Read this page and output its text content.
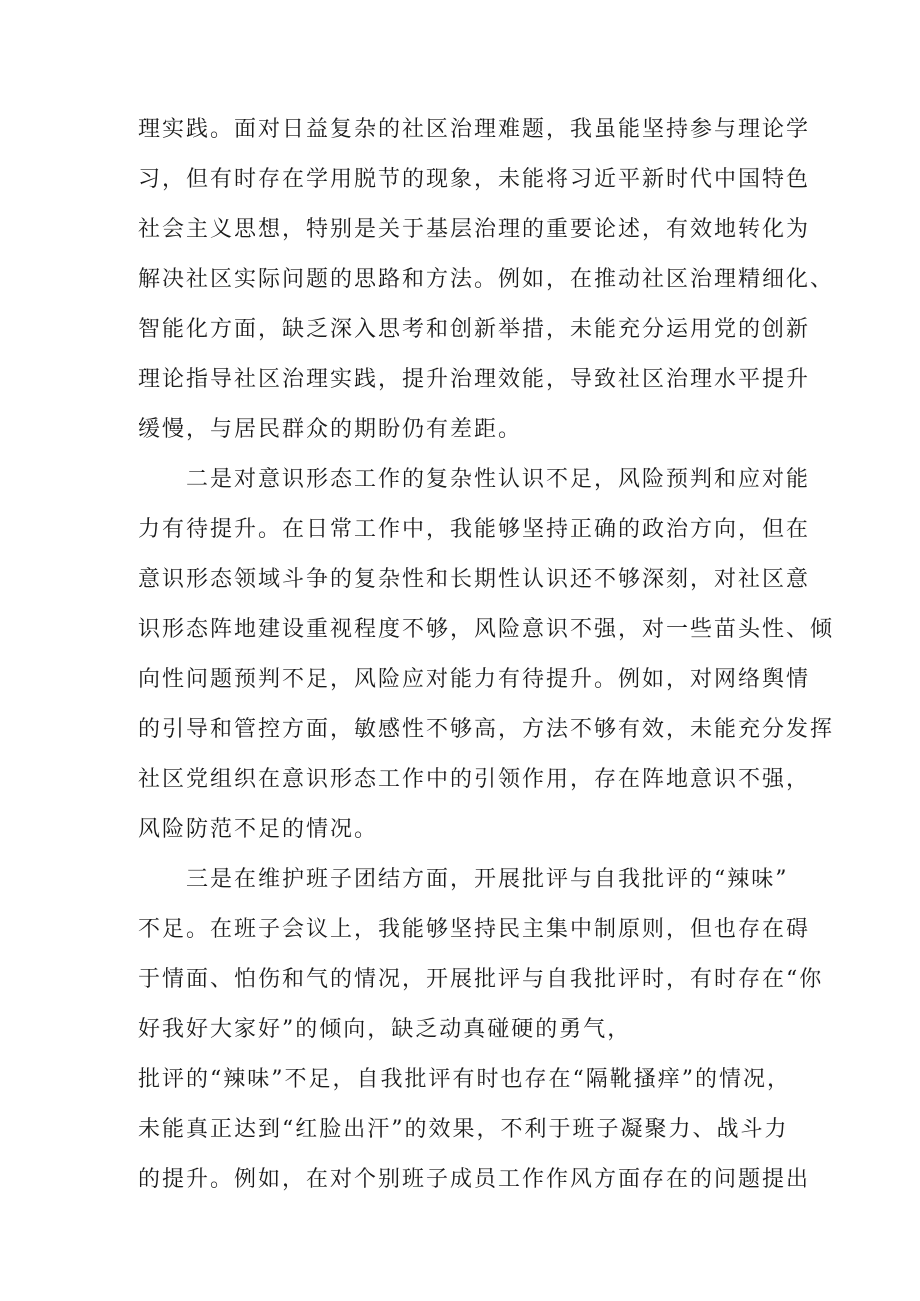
理实践。面对日益复杂的社区治理难题，我虽能坚持参与理论学
习，但有时存在学用脱节的现象，未能将习近平新时代中国特色
社会主义思想，特别是关于基层治理的重要论述，有效地转化为
解决社区实际问题的思路和方法。例如，在推动社区治理精细化、
智能化方面，缺乏深入思考和创新举措，未能充分运用党的创新
理论指导社区治理实践，提升治理效能，导致社区治理水平提升
缓慢，与居民群众的期盼仍有差距。
二是对意识形态工作的复杂性认识不足，风险预判和应对能
力有待提升。在日常工作中，我能够坚持正确的政治方向，但在
意识形态领域斗争的复杂性和长期性认识还不够深刻，对社区意
识形态阵地建设重视程度不够，风险意识不强，对一些苗头性、倾
向性问题预判不足，风险应对能力有待提升。例如，对网络舆情
的引导和管控方面，敏感性不够高，方法不够有效，未能充分发挥
社区党组织在意识形态工作中的引领作用，存在阵地意识不强，
风险防范不足的情况。
三是在维护班子团结方面，开展批评与自我批评的“辣味”
不足。在班子会议上，我能够坚持民主集中制原则，但也存在碍
于情面、怕伤和气的情况，开展批评与自我批评时，有时存在“你
好我好大家好”的倾向，缺乏动真碰硬的勇气，
批评的“辣味”不足，自我批评有时也存在“隔靴搔痒”的情况，
未能真正达到“红脸出汗”的效果，不利于班子凝聚力、战斗力
的提升。例如，在对个别班子成员工作作风方面存在的问题提出
